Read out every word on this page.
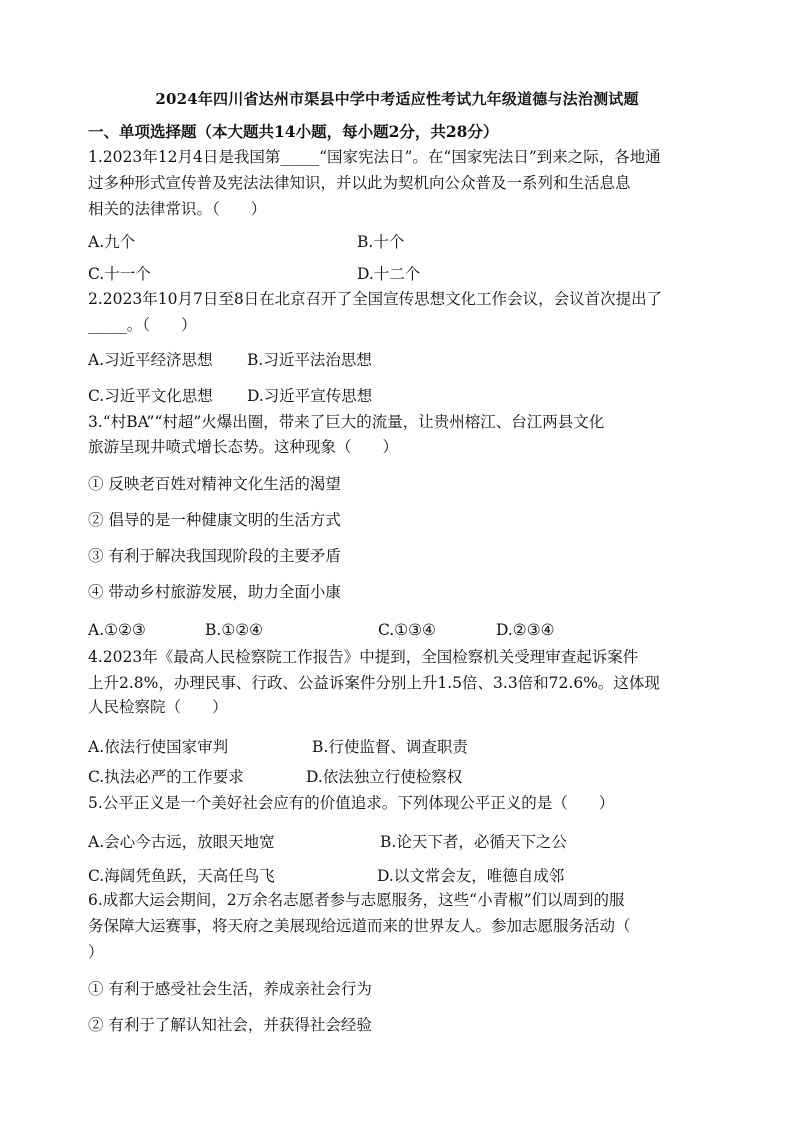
2024年四川省达州市渠县中学中考适应性考试九年级道德与法治测试题
一、单项选择题（本大题共14小题，每小题2分，共28分）
1.2023年12月4日是我国第_____“国家宪法日”。在“国家宪法日”到来之际，各地通
过多种形式宣传普及宪法法律知识，并以此为契机向公众普及一系列和生活息息
相关的法律常识。（　　）
A.九个	B.十个
C.十一个	D.十二个
2.2023年10月7日至8日在北京召开了全国宣传思想文化工作会议，会议首次提出了
_____。（　　）
A.习近平经济思想 B.习近平法治思想
C.习近平文化思想 D.习近平宣传思想
3.“村BA”“村超”火爆出圈，带来了巨大的流量，让贵州榕江、台江两县文化
旅游呈现井喷式增长态势。这种现象（　　）
① 反映老百姓对精神文化生活的渴望
② 倡导的是一种健康文明的生活方式
③ 有利于解决我国现阶段的主要矛盾
④ 带动乡村旅游发展，助力全面小康
A.①②③	B.①②④	C.①③④	D.②③④
4.2023年《最高人民检察院工作报告》中提到，全国检察机关受理审查起诉案件
上升2.8%，办理民事、行政、公益诉案件分别上升1.5倍、3.3倍和72.6%。这体现
人民检察院（　　）
A.依法行使国家审判	B.行使监督、调查职责
C.执法必严的工作要求	D.依法独立行使检察权
5.公平正义是一个美好社会应有的价值追求。下列体现公平正义的是（　　）
A.会心今古远，放眼天地宽	B.论天下者，必循天下之公
C.海阔凭鱼跃，天高任鸟飞	D.以文常会友，唯德自成邻
6.成都大运会期间，2万余名志愿者参与志愿服务，这些“小青椒”们以周到的服
务保障大运赛事，将天府之美展现给远道而来的世界友人。参加志愿服务活动（
）
① 有利于感受社会生活，养成亲社会行为
② 有利于了解认知社会，并获得社会经验
